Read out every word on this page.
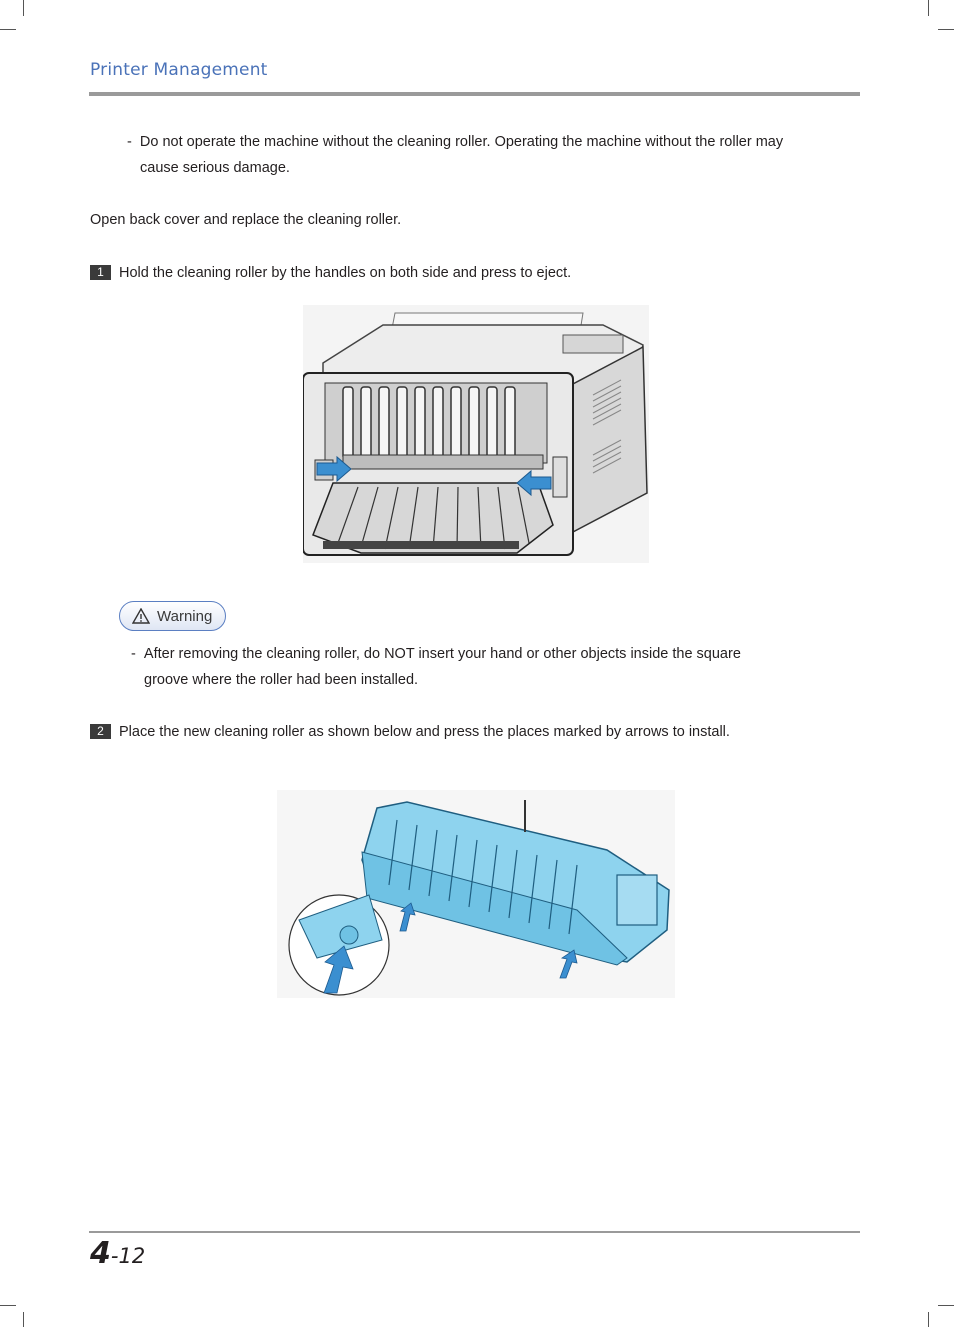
Printer Management
- Do not operate the machine without the cleaning roller. Operating the machine without the roller may
cause serious damage.
Open back cover and replace the cleaning roller.
1 Hold the cleaning roller by the handles on both side and press to eject.
Warning
- After removing the cleaning roller, do NOT insert your hand or other objects inside the square
groove where the roller had been installed.
2 Place the new cleaning roller as shown below and press the places marked by arrows to install.
4-12
